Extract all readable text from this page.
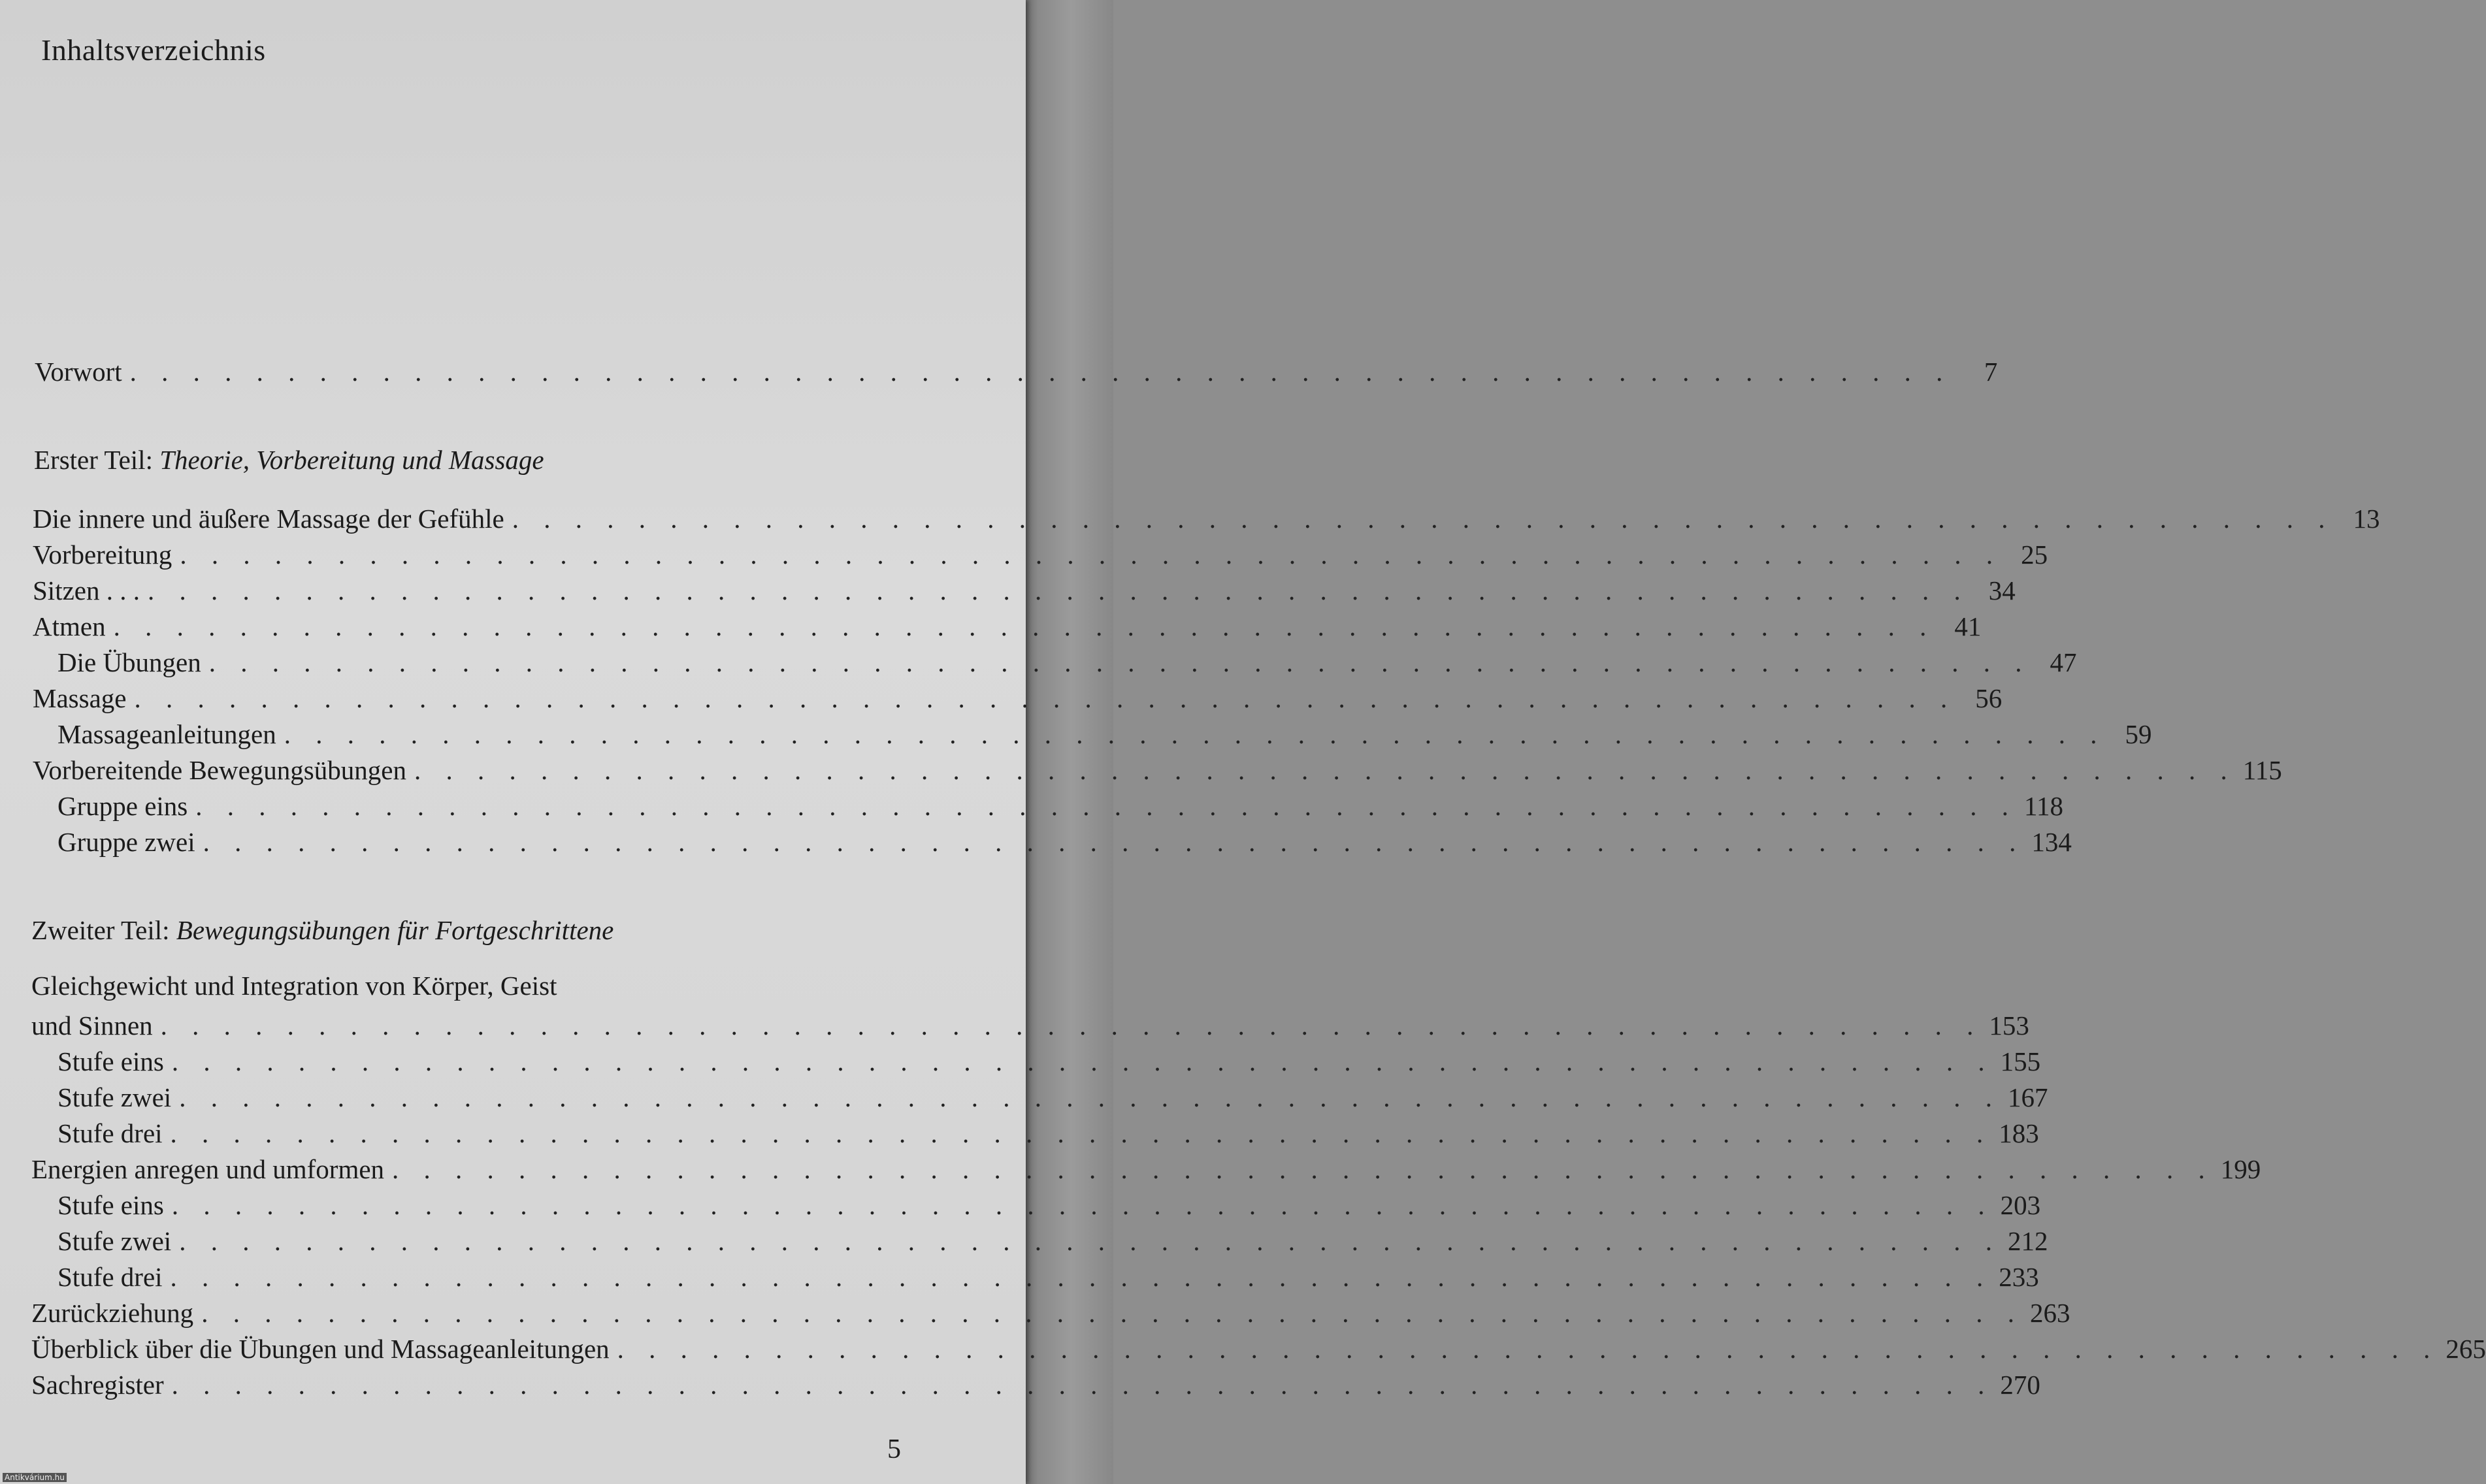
Inhaltsverzeichnis
Vorwort . . . . . . . . . . . . . . . . . . . . . . . . . . . . . . . . . . . . . . . . . . . . . . . . . . . . . . . . . .	7
Erster Teil: Theorie, Vorbereitung und Massage
Die innere und äußere Massage der Gefühle . . . . . . . . . . . . . . . . . . . . . . . . . . . . . . . . . . . . . . . . . . . . . . . . . . . . . . . . . . 13
Vorbereitung . . . . . . . . . . . . . . . . . . . . . . . . . . . . . . . . . . . . . . . . . . . . . . . . . . . . . . . . . . 25
Sitzen . . . . . . . . . . . . . . . . . . . . . . . . . . . . . . . . . . . . . . . . . . . . . . . . . . . . . . . . . . . . . 34
Atmen . . . . . . . . . . . . . . . . . . . . . . . . . . . . . . . . . . . . . . . . . . . . . . . . . . . . . . . . . . 41
Die Übungen . . . . . . . . . . . . . . . . . . . . . . . . . . . . . . . . . . . . . . . . . . . . . . . . . . . . . . . . . . 47
Massage . . . . . . . . . . . . . . . . . . . . . . . . . . . . . . . . . . . . . . . . . . . . . . . . . . . . . . . . . . 56
Massageanleitungen . . . . . . . . . . . . . . . . . . . . . . . . . . . . . . . . . . . . . . . . . . . . . . . . . . . . . . . . . . 59
Vorbereitende Bewegungsübungen . . . . . . . . . . . . . . . . . . . . . . . . . . . . . . . . . . . . . . . . . . . . . . . . . . . . . . . . . . 115
Gruppe eins . . . . . . . . . . . . . . . . . . . . . . . . . . . . . . . . . . . . . . . . . . . . . . . . . . . . . . . . . . 118
Gruppe zwei . . . . . . . . . . . . . . . . . . . . . . . . . . . . . . . . . . . . . . . . . . . . . . . . . . . . . . . . . . 134
Zweiter Teil: Bewegungsübungen für Fortgeschrittene
Gleichgewicht und Integration von Körper, Geist
und Sinnen . . . . . . . . . . . . . . . . . . . . . . . . . . . . . . . . . . . . . . . . . . . . . . . . . . . . . . . . . . 153
Stufe eins . . . . . . . . . . . . . . . . . . . . . . . . . . . . . . . . . . . . . . . . . . . . . . . . . . . . . . . . . . 155
Stufe zwei . . . . . . . . . . . . . . . . . . . . . . . . . . . . . . . . . . . . . . . . . . . . . . . . . . . . . . . . . . 167
Stufe drei . . . . . . . . . . . . . . . . . . . . . . . . . . . . . . . . . . . . . . . . . . . . . . . . . . . . . . . . . . 183
Energien anregen und umformen . . . . . . . . . . . . . . . . . . . . . . . . . . . . . . . . . . . . . . . . . . . . . . . . . . . . . . . . . . 199
Stufe eins . . . . . . . . . . . . . . . . . . . . . . . . . . . . . . . . . . . . . . . . . . . . . . . . . . . . . . . . . . 203
Stufe zwei . . . . . . . . . . . . . . . . . . . . . . . . . . . . . . . . . . . . . . . . . . . . . . . . . . . . . . . . . . 212
Stufe drei . . . . . . . . . . . . . . . . . . . . . . . . . . . . . . . . . . . . . . . . . . . . . . . . . . . . . . . . . . 233
Zurückziehung . . . . . . . . . . . . . . . . . . . . . . . . . . . . . . . . . . . . . . . . . . . . . . . . . . . . . . . . . . 263
Überblick über die Übungen und Massageanleitungen . . . . . . . . . . . . . . . . . . . . . . . . . . . . . . . . . . . . . . . . . . . . . . . . . . . . . . . . . . 265
Sachregister . . . . . . . . . . . . . . . . . . . . . . . . . . . . . . . . . . . . . . . . . . . . . . . . . . . . . . . . . . 270
5
Antikvárium.hu
